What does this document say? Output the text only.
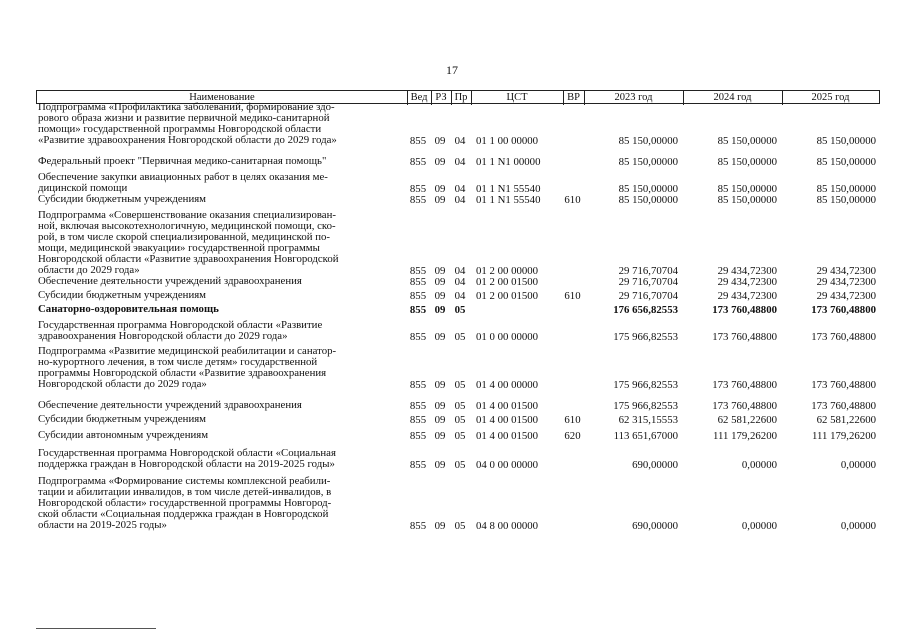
17
Наименование	Вед РЗ Пр	ЦСТ	ВР	2023 год	2024 год	2025 год
Подпрограмма «Профилактика заболеваний, формирование здо-
рового образа жизни и развитие первичной медико-санитарной
помощи» государственной программы Новгородской области
«Развитие здравоохранения Новгородской области до 2029 года»	855 09 04 01 1 00 00000	85 150,00000	85 150,00000	85 150,00000
Федеральный проект "Первичная медико-санитарная помощь"	855 09 04 01 1 N1 00000	85 150,00000	85 150,00000	85 150,00000
Обеспечение закупки авиационных работ в целях оказания ме-
дицинской помощи	855 09 04 01 1 N1 55540	85 150,00000	85 150,00000	85 150,00000
Субсидии бюджетным учреждениям	855 09 04 01 1 N1 55540	610	85 150,00000	85 150,00000	85 150,00000
Подпрограмма «Совершенствование оказания специализирован-
ной, включая высокотехнологичную, медицинской помощи, ско-
рой, в том числе скорой специализированной, медицинской по-
мощи, медицинской эвакуации» государственной программы
Новгородской области «Развитие здравоохранения Новгородской
области до 2029 года»	855 09 04 01 2 00 00000	29 716,70704	29 434,72300	29 434,72300
Обеспечение деятельности учреждений здравоохранения	855 09 04 01 2 00 01500	29 716,70704	29 434,72300	29 434,72300
Субсидии бюджетным учреждениям	855 09 04 01 2 00 01500	610	29 716,70704	29 434,72300	29 434,72300
Санаторно-оздоровительная помощь	855 09 05	176 656,82553	173 760,48800	173 760,48800
Государственная программа Новгородской области «Развитие
здравоохранения Новгородской области до 2029 года»	855 09 05 01 0 00 00000	175 966,82553	173 760,48800	173 760,48800
Подпрограмма «Развитие медицинской реабилитации и санатор-
но-курортного лечения, в том числе детям» государственной
программы Новгородской области «Развитие здравоохранения
Новгородской области до 2029 года»	855 09 05 01 4 00 00000	175 966,82553	173 760,48800	173 760,48800
Обеспечение деятельности учреждений здравоохранения	855 09 05 01 4 00 01500	175 966,82553	173 760,48800	173 760,48800
Субсидии бюджетным учреждениям	855 09 05 01 4 00 01500	610	62 315,15553	62 581,22600	62 581,22600
Субсидии автономным учреждениям	855 09 05 01 4 00 01500	620	113 651,67000	111 179,26200	111 179,26200
Государственная программа Новгородской области «Социальная
поддержка граждан в Новгородской области на 2019-2025 годы»	855 09 05 04 0 00 00000	690,00000	0,00000	0,00000
Подпрограмма «Формирование системы комплексной реабили-
тации и абилитации инвалидов, в том числе детей-инвалидов, в
Новгородской области» государственной программы Новгород-
ской области «Социальная поддержка граждан в Новгородской
области на 2019-2025 годы»	855 09 05 04 8 00 00000	690,00000	0,00000	0,00000
